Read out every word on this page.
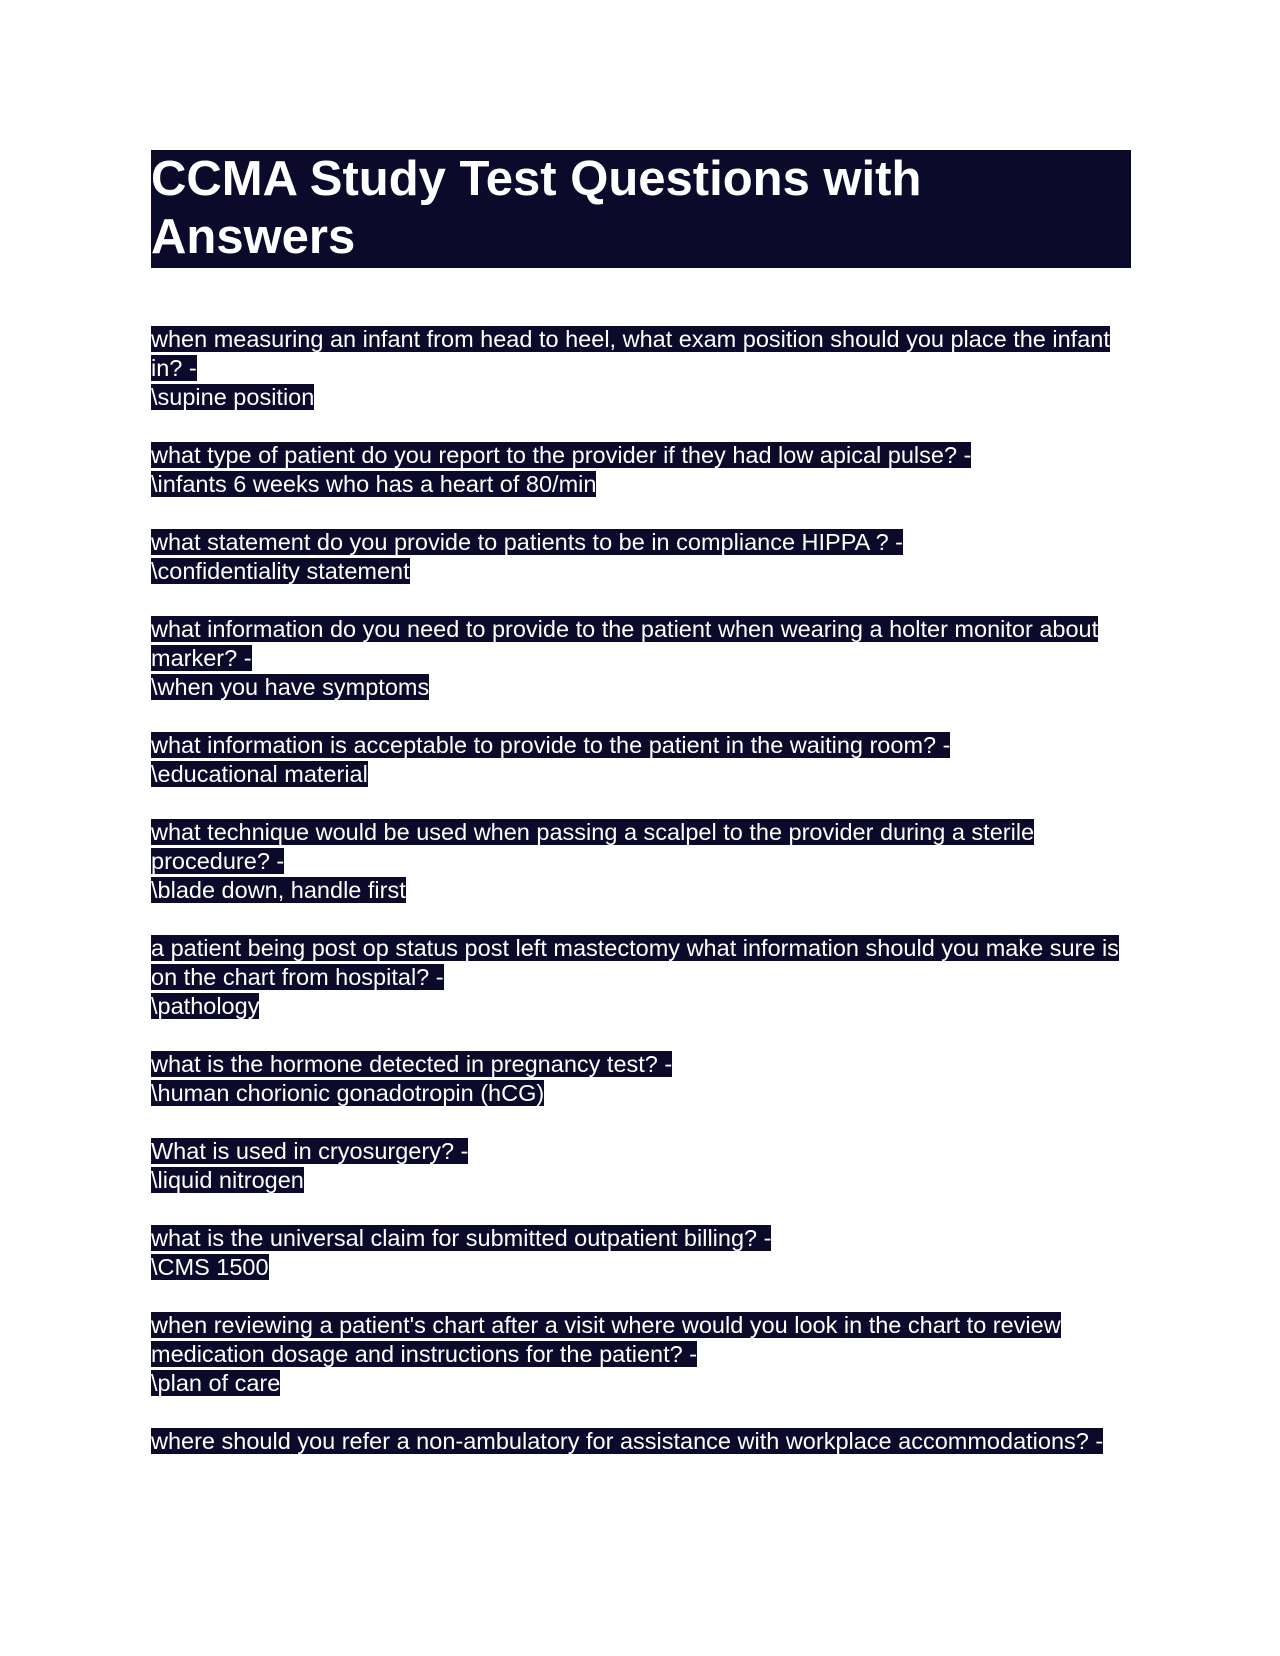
CCMA Study Test Questions with Answers
when measuring an infant from head to heel, what exam position should you place the infant in? -
\supine position
what type of patient do you report to the provider if they had low apical pulse? -
\infants 6 weeks who has a heart of 80/min
what statement do you provide to patients to be in compliance HIPPA ? -
\confidentiality statement
what information do you need to provide to the patient when wearing a holter monitor about marker? -
\when you have symptoms
what information is acceptable to provide to the patient in the waiting room? -
\educational material
what technique would be used when passing a scalpel to the provider during a sterile procedure? -
\blade down, handle first
a patient being post op status post left mastectomy what information should you make sure is on the chart from hospital? -
\pathology
what is the hormone detected in pregnancy test? -
\human chorionic gonadotropin (hCG)
What is used in cryosurgery? -
\liquid nitrogen
what is the universal claim for submitted outpatient billing? -
\CMS 1500
when reviewing a patient's chart after a visit where would you look in the chart to review medication dosage and instructions for the patient? -
\plan of care
where should you refer a non-ambulatory for assistance with workplace accommodations? -
